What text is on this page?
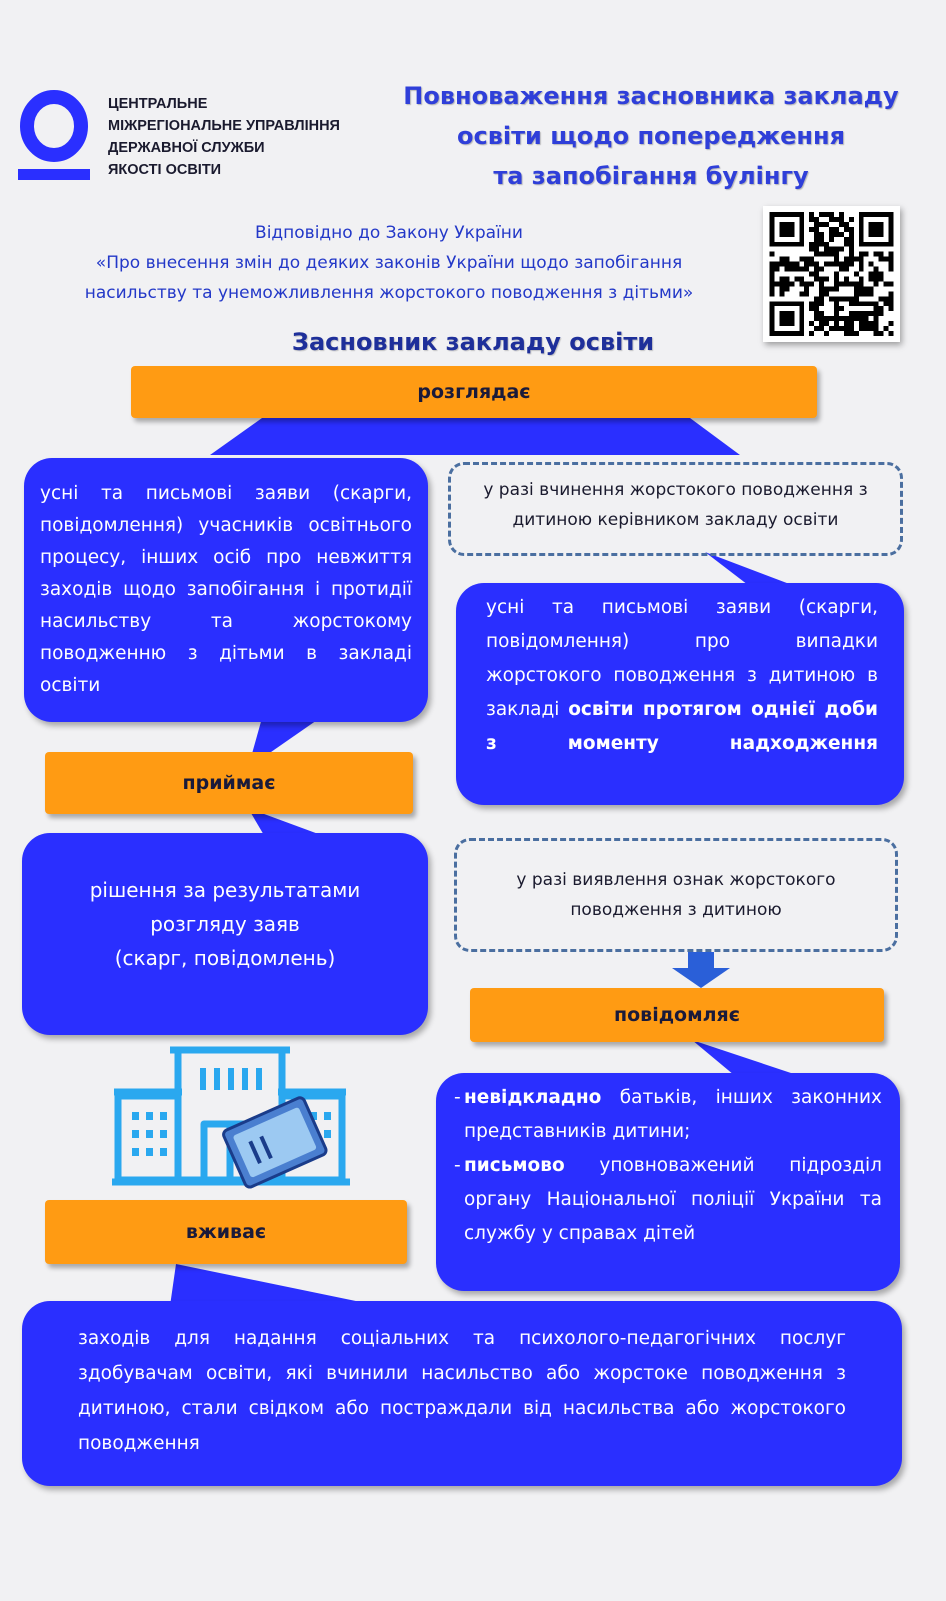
ЦЕНТРАЛЬНЕ
МІЖРЕГІОНАЛЬНЕ УПРАВЛІННЯ
ДЕРЖАВНОЇ СЛУЖБИ
ЯКОСТІ ОСВІТИ
Повноваження засновника закладу
освіти щодо попередження
та запобігання булінгу
Відповідно до Закону України
«Про внесення змін до деяких законів України щодо запобігання
насильству та унеможливлення жорстокого поводження з дітьми»
Засновник закладу освіти
розглядає
приймає
повідомляє
усні та письмові заяви (скарги, повідомлення) учасників освітнього процесу, інших осіб про невжиття заходів щодо запобігання і протидії насильству та жорстокому поводженню з дітьми в закладі освіти
у разі вчинення жорстокого поводження з дитиною керівником закладу освіти
усні та письмові заяви (скарги, повідомлення) про випадки жорстокого поводження з дитиною в закладі освіти протягом однієї доби з моменту надходження
рішення за результатами
розгляду заяв
(скарг, повідомлень)
у разі виявлення ознак жорстокого поводження з дитиною
вживає
- невідкладно батьків, інших законних представників дитини;
- письмово уповноважений підрозділ органу Національної поліції України та службу у справах дітей
заходів для надання соціальних та психолого-педагогічних послуг здобувачам освіти, які вчинили насильство або жорстоке поводження з дитиною, стали свідком або постраждали від насильства або жорстокого поводження
